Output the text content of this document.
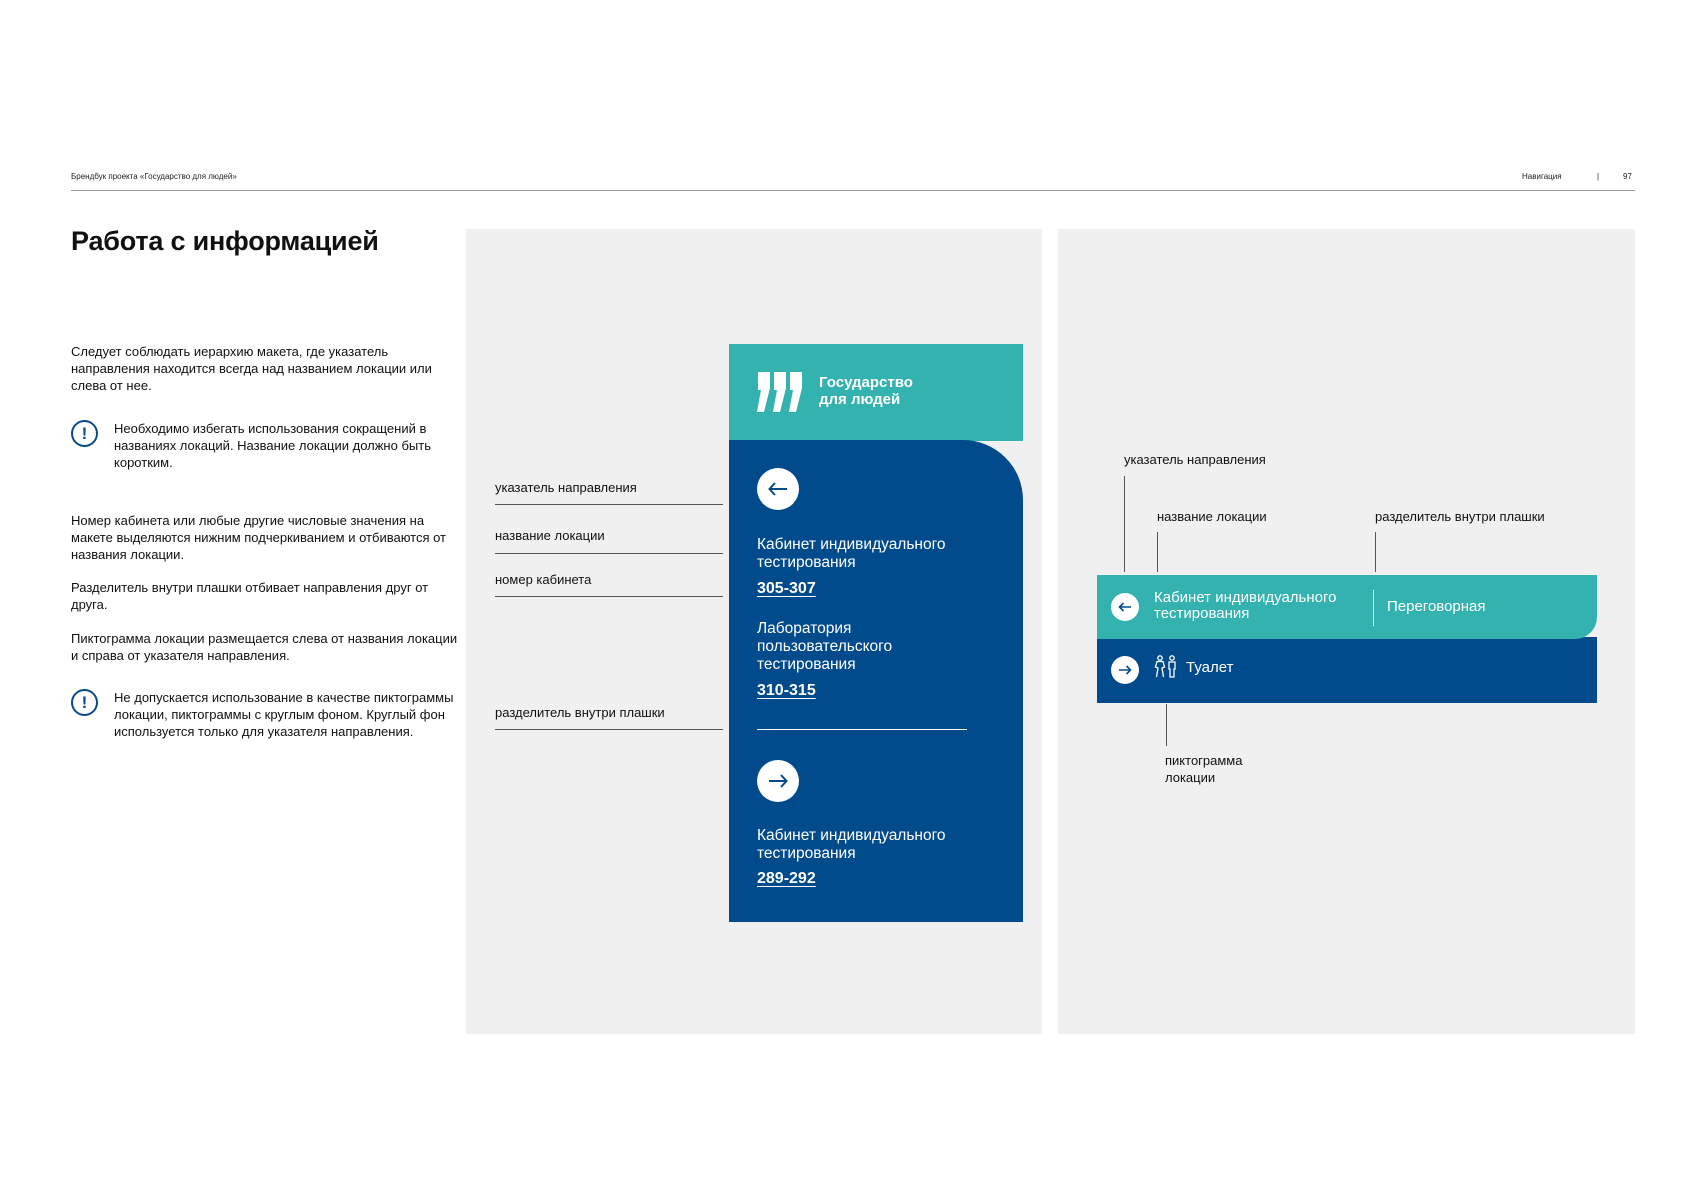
Брендбук проекта «Государство для людей»	Навигация	|	97
Работа с информацией
Следует соблюдать иерархию макета, где указатель направления находится всегда над названием локации или слева от нее.
!	Необходимо избегать использования сокращений в названиях локаций. Название локации должно быть коротким.
Номер кабинета или любые другие числовые значения на макете выделяются нижним подчеркиванием и отбиваются от названия локации.
Разделитель внутри плашки отбивает направления друг от друга.
Пиктограмма локации размещается слева от названия локации и справа от указателя направления.
!	Не допускается использование в качестве пиктограммы локации, пиктограммы с круглым фоном. Круглый фон используется только для указателя направления.
указатель направления
название локации
номер кабинета
разделитель внутри плашки
Государство
для людей
Кабинет индивидуального тестирования
305-307
Лаборатория пользовательского тестирования
310-315
Кабинет индивидуального тестирования
289-292
указатель направления
название локации	разделитель внутри плашки
Туалет
Кабинет индивидуального тестирования	Переговорная
пиктограмма локации
